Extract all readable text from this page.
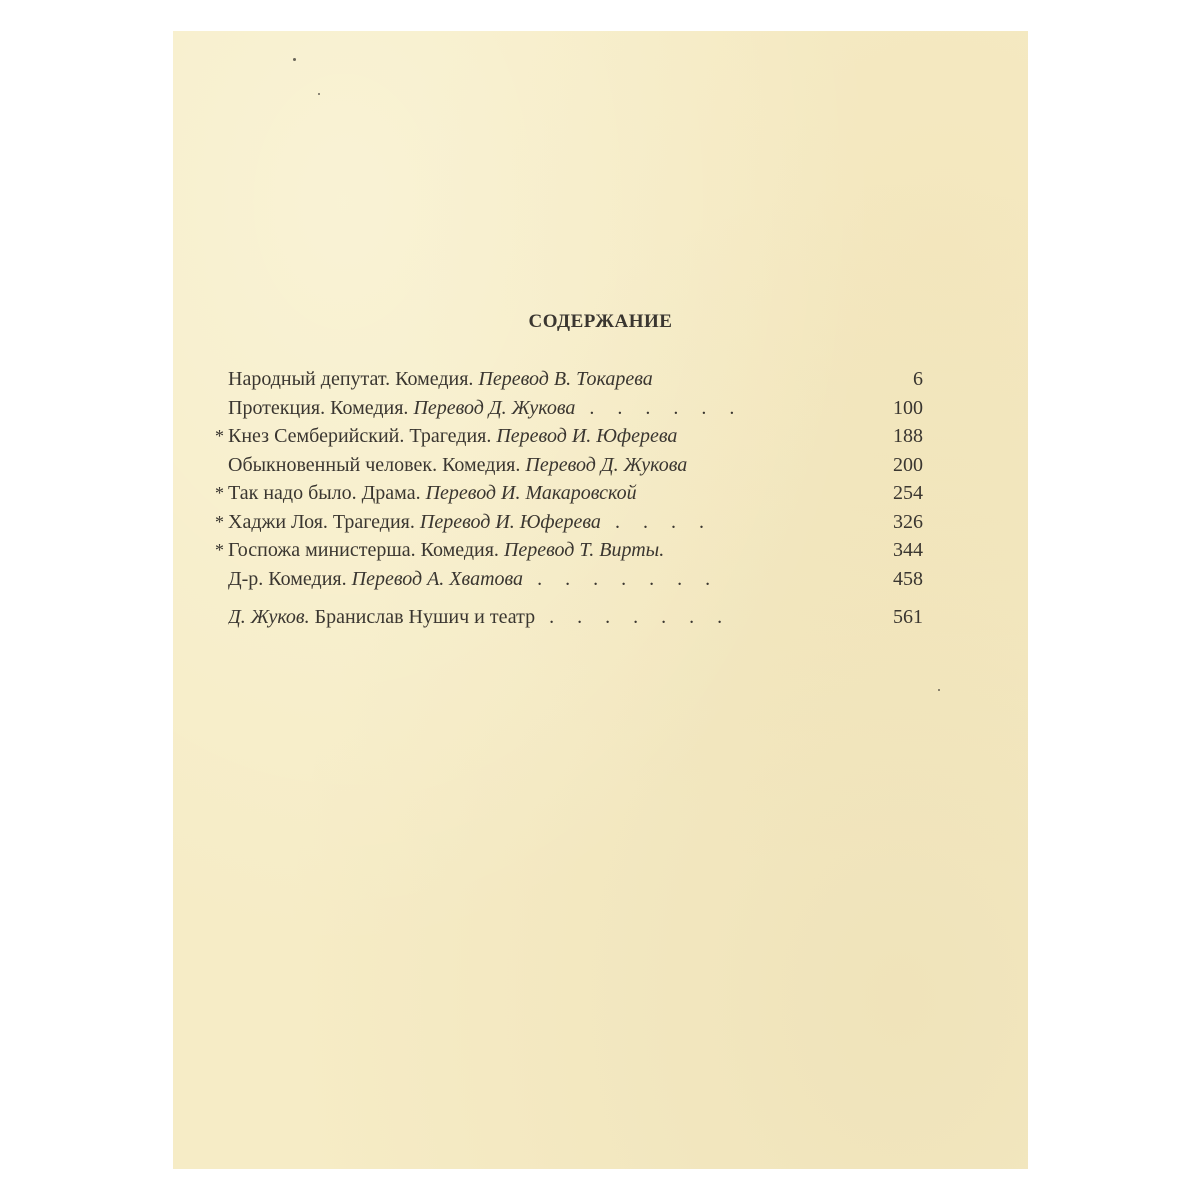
СОДЕРЖАНИЕ
Народный депутат. Комедия. Перевод В. Токарева	6
Протекция. Комедия. Перевод Д. Жукова . . . . . .	100
* Кнез Семберийский. Трагедия. Перевод И. Юферева	188
Обыкновенный человек. Комедия. Перевод Д. Жукова	200
* Так надо было. Драма. Перевод И. Макаровской	254
* Хаджи Лоя. Трагедия. Перевод И. Юферева . . . .	326
* Госпожа министерша. Комедия. Перевод Т. Вирты.	344
Д-р. Комедия. Перевод А. Хватова . . . . . . .	458
Д. Жуков. Бранислав Нушич и театр . . . . . . .	561
